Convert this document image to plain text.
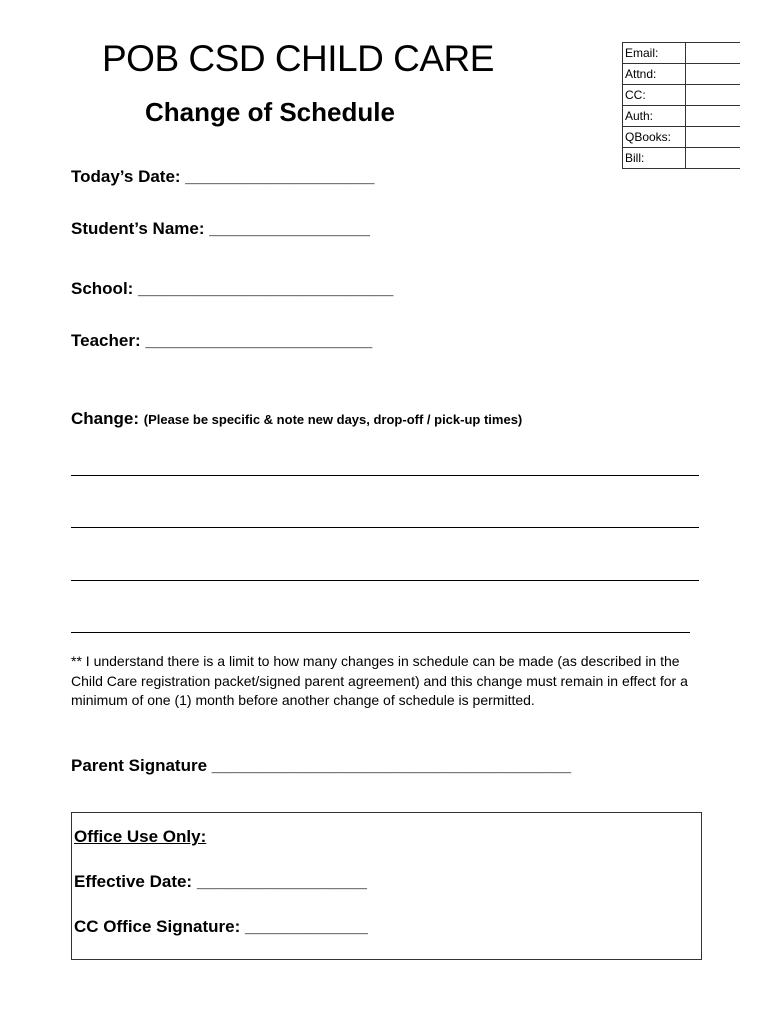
POB CSD CHILD CARE
Change of Schedule
Email:	
Attnd:	
CC:	
Auth:	
QBooks:	
Bill:	
Today’s Date: ____________________
Student’s Name: _________________
School: ___________________________
Teacher: ________________________
Change: (Please be specific & note new days, drop-off / pick-up times)

** I understand there is a limit to how many changes in schedule can be made (as described in the Child Care registration packet/signed parent agreement) and this change must remain in effect for a minimum of one (1) month before another change of schedule is permitted.

Parent Signature ______________________________________
Office Use Only:
Effective Date: __________________
CC Office Signature: _____________
